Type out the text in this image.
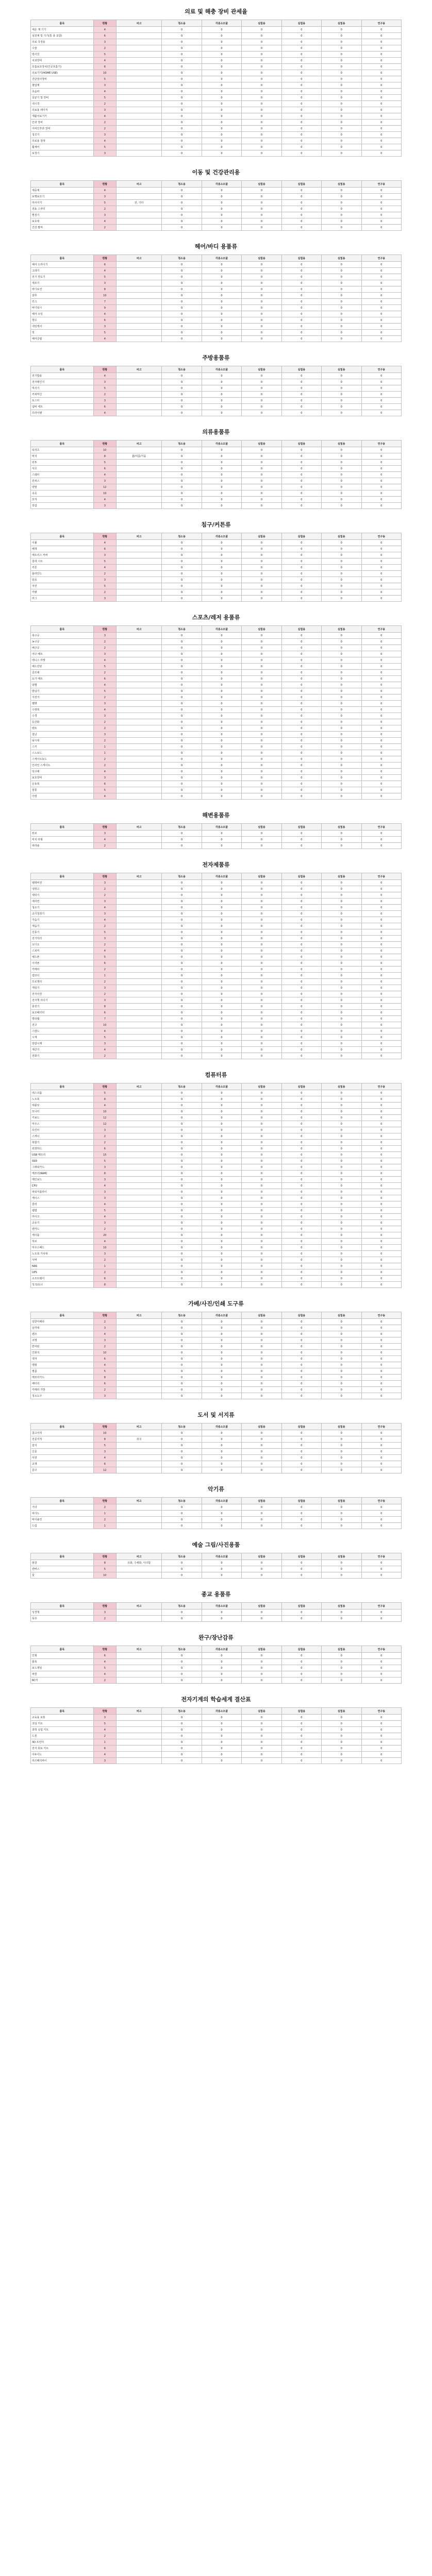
의료 및 해충 장비 관세율
품목	현황	비고	청소용	각종소모품	실험용	실험용	실험용	연구용
체온 계 기기	4		0	0	0	0	0	0
심전계 및 기기(통 풍 포함)	6		0	0	0	0	0	0
의료 측정용	3		0	0	0	0	0	0
수술	2		0	0	0	0	0	0
방사선	5		0	0	0	0	0	0
치과장비	4		0	0	0	0	0	0
호흡보조장치(인공호흡기)	6		0	0	0	0	0	0
의료기기(HOME USE)	10		0	0	0	0	0	0
진단검사장비	5		0	0	0	0	0	0
혈압계	3		0	0	0	0	0	0
초음파	4		0	0	0	0	0	0
살균기 및 장비	5		0	0	0	0	0	0
내시경	2		0	0	0	0	0	0
의료용 레이저	3		0	0	0	0	0	0
재활치료기기	4		0	0	0	0	0	0
안과 장비	2		0	0	0	0	0	0
이비인후과 장비	2		0	0	0	0	0	0
청진기	3		0	0	0	0	0	0
의료용 침대	4		0	0	0	0	0	0
휠체어	5		0	0	0	0	0	0
보청기	3		0	0	0	0	0	0
이동 및 건강관리용
품목	현황	비고	청소용	각종소모품	실험용	실험용	실험용	연구용
체중계	4		0	0	0	0	0	0
보행보조기	3		0	0	0	0	0	0
마사지기	5	전, 기타	0	0	0	0	0	0
전동 스쿠터	2		0	0	0	0	0	0
찜질기	3		0	0	0	0	0	0
보호대	4		0	0	0	0	0	0
건강 팔찌	2		0	0	0	0	0	0
헤어/바디 용품류
품목	현황	비고	청소용	각종소모품	실험용	실험용	실험용	연구용
헤어 드라이기	6		0	0	0	0	0	0
고데기	4		0	0	0	0	0	0
전기 면도기	5		0	0	0	0	0	0
제모기	3		0	0	0	0	0	0
바디로션	8		0	0	0	0	0	0
샴푸	10		0	0	0	0	0	0
린스	7		0	0	0	0	0	0
바디워시	9		0	0	0	0	0	0
헤어 오일	4		0	0	0	0	0	0
향수	6		0	0	0	0	0	0
네일케어	3		0	0	0	0	0	0
빗	5		0	0	0	0	0	0
헤어클립	4		0	0	0	0	0	0
주방용품류
품목	현황	비고	청소용	각종소모품	실험용	실험용	실험용	연구용
전기밥솥	4		0	0	0	0	0	0
전자레인지	3		0	0	0	0	0	0
믹서기	5		0	0	0	0	0	0
커피머신	2		0	0	0	0	0	0
토스터	3		0	0	0	0	0	0
냄비 세트	6		0	0	0	0	0	0
프라이팬	4		0	0	0	0	0	0
의류용품류
품목	현황	비고	청소용	각종소모품	실험용	실험용	실험용	연구용
티셔츠	10		0	0	0	0	0	0
바지	8	봄/여름/가을	0	0	0	0	0	0
외투	5		0	0	0	0	0	0
셔츠	6		0	0	0	0	0	0
스웨터	4		0	0	0	0	0	0
원피스	3		0	0	0	0	0	0
양말	12		0	0	0	0	0	0
속옷	10		0	0	0	0	0	0
모자	4		0	0	0	0	0	0
장갑	3		0	0	0	0	0	0
침구/커튼류
품목	현황	비고	청소용	각종소모품	실험용	실험용	실험용	연구용
이불	4		0	0	0	0	0	0
베개	6		0	0	0	0	0	0
매트리스 커버	3		0	0	0	0	0	0
침대 시트	5		0	0	0	0	0	0
커튼	4		0	0	0	0	0	0
블라인드	2		0	0	0	0	0	0
담요	3		0	0	0	0	0	0
쿠션	5		0	0	0	0	0	0
카펫	2		0	0	0	0	0	0
러그	3		0	0	0	0	0	0
스포츠/레저 용품류
품목	현황	비고	청소용	각종소모품	실험용	실험용	실험용	연구용
축구공	3		0	0	0	0	0	0
농구공	2		0	0	0	0	0	0
배구공	2		0	0	0	0	0	0
야구 배트	3		0	0	0	0	0	0
테니스 라켓	4		0	0	0	0	0	0
배드민턴	5		0	0	0	0	0	0
골프채	2		0	0	0	0	0	0
요가 매트	6		0	0	0	0	0	0
덤벨	4		0	0	0	0	0	0
줄넘기	5		0	0	0	0	0	0
자전거	2		0	0	0	0	0	0
헬멧	3		0	0	0	0	0	0
수영복	4		0	0	0	0	0	0
수경	3		0	0	0	0	0	0
등산화	2		0	0	0	0	0	0
텐트	2		0	0	0	0	0	0
침낭	3		0	0	0	0	0	0
낚시대	2		0	0	0	0	0	0
스키	1		0	0	0	0	0	0
스노보드	1		0	0	0	0	0	0
스케이트보드	2		0	0	0	0	0	0
인라인 스케이트	2		0	0	0	0	0	0
탁구채	4		0	0	0	0	0	0
보호장비	3		0	0	0	0	0	0
운동복	6		0	0	0	0	0	0
물통	5		0	0	0	0	0	0
아령	4		0	0	0	0	0	0
해변용품류
품목	현황	비고	청소용	각종소모품	실험용	실험용	실험용	연구용
튜브	3		0	0	0	0	0	0
비치 타월	4		0	0	0	0	0	0
파라솔	2		0	0	0	0	0	0
전자제품류
품목	현황	비고	청소용	각종소모품	실험용	실험용	실험용	연구용
텔레비전	3		0	0	0	0	0	0
냉장고	2		0	0	0	0	0	0
세탁기	2		0	0	0	0	0	0
에어컨	3		0	0	0	0	0	0
청소기	4		0	0	0	0	0	0
공기청정기	3		0	0	0	0	0	0
가습기	4		0	0	0	0	0	0
제습기	2		0	0	0	0	0	0
선풍기	5		0	0	0	0	0	0
전기히터	3		0	0	0	0	0	0
오디오	2		0	0	0	0	0	0
스피커	4		0	0	0	0	0	0
헤드폰	5		0	0	0	0	0	0
이어폰	6		0	0	0	0	0	0
카메라	2		0	0	0	0	0	0
캠코더	1		0	0	0	0	0	0
프로젝터	2		0	0	0	0	0	0
게임기	3		0	0	0	0	0	0
전자사전	2		0	0	0	0	0	0
전자책 리더기	3		0	0	0	0	0	0
충전기	8		0	0	0	0	0	0
보조배터리	6		0	0	0	0	0	0
멀티탭	7		0	0	0	0	0	0
전구	10		0	0	0	0	0	0
스탠드	4		0	0	0	0	0	0
시계	5		0	0	0	0	0	0
알람시계	3		0	0	0	0	0	0
계산기	4		0	0	0	0	0	0
전화기	2		0	0	0	0	0	0
컴퓨터류
품목	현황	비고	청소용	각종소모품	실험용	실험용	실험용	연구용
데스크톱	5		0	0	0	0	0	0
노트북	8		0	0	0	0	0	0
태블릿	4		0	0	0	0	0	0
모니터	10		0	0	0	0	0	0
키보드	12		0	0	0	0	0	0
마우스	12		0	0	0	0	0	0
프린터	3		0	0	0	0	0	0
스캐너	2		0	0	0	0	0	0
복합기	2		0	0	0	0	0	0
외장하드	6		0	0	0	0	0	0
USB 메모리	15		0	0	0	0	0	0
SSD	5		0	0	0	0	0	0
그래픽카드	3		0	0	0	0	0	0
메모리(RAM)	8		0	0	0	0	0	0
메인보드	3		0	0	0	0	0	0
CPU	4		0	0	0	0	0	0
파워서플라이	3		0	0	0	0	0	0
케이스	3		0	0	0	0	0	0
쿨러	4		0	0	0	0	0	0
웹캠	5		0	0	0	0	0	0
마이크	4		0	0	0	0	0	0
공유기	3		0	0	0	0	0	0
랜카드	2		0	0	0	0	0	0
케이블	20		0	0	0	0	0	0
허브	4		0	0	0	0	0	0
마우스패드	10		0	0	0	0	0	0
노트북 거치대	3		0	0	0	0	0	0
서버	2		0	0	0	0	0	0
NAS	1		0	0	0	0	0	0
UPS	2		0	0	0	0	0	0
소프트웨어	6		0	0	0	0	0	0
잉크/토너	8		0	0	0	0	0	0
가베/사진/인쇄 도구류
품목	현황	비고	청소용	각종소모품	실험용	실험용	실험용	연구용
일반카메라	2		0	0	0	0	0	0
삼각대	3		0	0	0	0	0	0
렌즈	4		0	0	0	0	0	0
조명	3		0	0	0	0	0	0
반사판	2		0	0	0	0	0	0
인화지	10		0	0	0	0	0	0
액자	6		0	0	0	0	0	0
앨범	4		0	0	0	0	0	0
필름	5		0	0	0	0	0	0
메모리카드	8		0	0	0	0	0	0
배터리	6		0	0	0	0	0	0
카메라 가방	2		0	0	0	0	0	0
청소도구	3		0	0	0	0	0	0
도서 및 서지류
품목	현황	비고	청소용	각종소모품	실험용	실험용	실험용	연구용
참고서적	10		0	0	0	0	0	0
전문서적	8	외국	0	0	0	0	0	0
잡지	5		0	0	0	0	0	0
신문	3		0	0	0	0	0	0
사전	4		0	0	0	0	0	0
교재	6		0	0	0	0	0	0
문구	12		0	0	0	0	0	0
악기류
품목	현황	비고	청소용	각종소모품	실험용	실험용	실험용	연구용
기타	2		0	0	0	0	0	0
피아노	1		0	0	0	0	0	0
바이올린	2		0	0	0	0	0	0
드럼	1		0	0	0	0	0	0
예술 그림/사진용품
품목	현황	비고	청소용	각종소모품	실험용	실험용	실험용	연구용
물감	8	유화, 수채화, 아크릴	0	0	0	0	0	0
캔버스	5		0	0	0	0	0	0
붓	10		0	0	0	0	0	0
종교 용품류
품목	현황	비고	청소용	각종소모품	실험용	실험용	실험용	연구용
성경책	3		0	0	0	0	0	0
묵주	2		0	0	0	0	0	0
완구/장난감류
품목	현황	비고	청소용	각종소모품	실험용	실험용	실험용	연구용
인형	6		0	0	0	0	0	0
블록	4		0	0	0	0	0	0
보드게임	5		0	0	0	0	0	0
퍼즐	4		0	0	0	0	0	0
RC카	2		0	0	0	0	0	0
전자기계의 학습세계 결산표
품목	현황	비고	청소용	각종소모품	실험용	실험용	실험용	연구용
교육용 로봇	3		0	0	0	0	0	0
코딩 키트	5		0	0	0	0	0	0
과학 실험 키트	4		0	0	0	0	0	0
드론	2		0	0	0	0	0	0
3D 프린터	1		0	0	0	0	0	0
전자 회로 키트	6		0	0	0	0	0	0
아두이노	4		0	0	0	0	0	0
라즈베리파이	3		0	0	0	0	0	0
